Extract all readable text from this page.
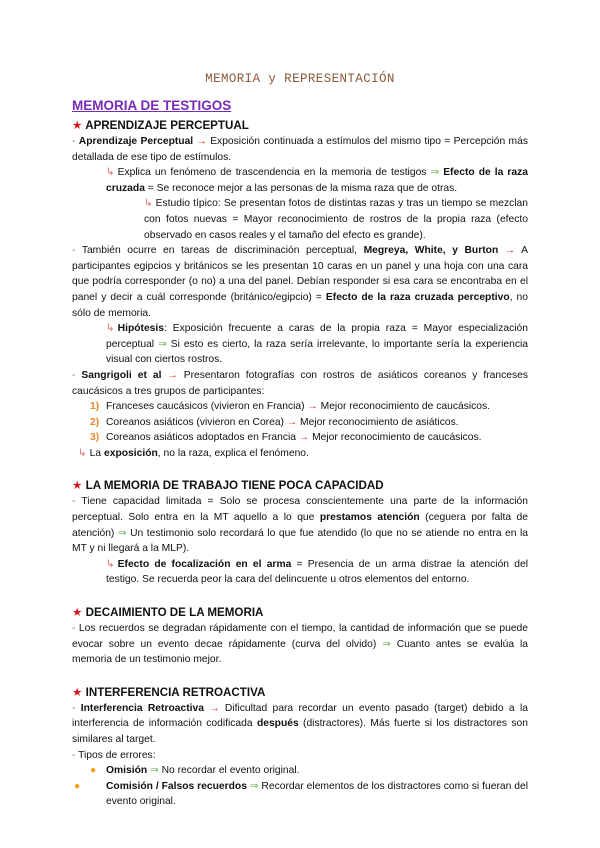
MEMORIA y REPRESENTACIÓN
MEMORIA DE TESTIGOS
★ APRENDIZAJE PERCEPTUAL

- Aprendizaje Perceptual → Exposición continuada a estímulos del mismo tipo = Percepción más detallada de ese tipo de estímulos.

↳ Explica un fenómeno de trascendencia en la memoria de testigos ⇒ Efecto de la raza cruzada = Se reconoce mejor a las personas de la misma raza que de otras.

↳ Estudio típico: Se presentan fotos de distintas razas y tras un tiempo se mezclan con fotos nuevas = Mayor reconocimiento de rostros de la propia raza (efecto observado en casos reales y el tamaño del efecto es grande).

- También ocurre en tareas de discriminación perceptual, Megreya, White, y Burton → A participantes egipcios y británicos se les presentan 10 caras en un panel y una hoja con una cara que podría corresponder (o no) a una del panel. Debían responder si esa cara se encontraba en el panel y decir a cuál corresponde (británico/egipcio) = Efecto de la raza cruzada perceptivo, no sólo de memoria.

↳ Hipótesis: Exposición frecuente a caras de la propia raza = Mayor especialización perceptual ⇒ Si esto es cierto, la raza sería irrelevante, lo importante sería la experiencia visual con ciertos rostros.

- Sangrigoli et al → Presentaron fotografías con rostros de asiáticos coreanos y franceses caucásicos a tres grupos de participantes:

1) Franceses caucásicos (vivieron en Francia) → Mejor reconocimiento de caucásicos.
2) Coreanos asiáticos (vivieron en Corea) → Mejor reconocimiento de asiáticos.
3) Coreanos asiáticos adoptados en Francia → Mejor reconocimiento de caucásicos.

↳ La exposición, no la raza, explica el fenómeno.

★ LA MEMORIA DE TRABAJO TIENE POCA CAPACIDAD

- Tiene capacidad limitada = Solo se procesa conscientemente una parte de la información perceptual. Solo entra en la MT aquello a lo que prestamos atención (ceguera por falta de atención) ⇒ Un testimonio solo recordará lo que fue atendido (lo que no se atiende no entra en la MT y ni llegará a la MLP).

↳ Efecto de focalización en el arma = Presencia de un arma distrae la atención del testigo. Se recuerda peor la cara del delincuente u otros elementos del entorno.

★ DECAIMIENTO DE LA MEMORIA

- Los recuerdos se degradan rápidamente con el tiempo, la cantidad de información que se puede evocar sobre un evento decae rápidamente (curva del olvido) ⇒ Cuanto antes se evalúa la memoria de un testimonio mejor.

★ INTERFERENCIA RETROACTIVA

- Interferencia Retroactiva → Dificultad para recordar un evento pasado (target) debido a la interferencia de información codificada después (distractores). Más fuerte si los distractores son similares al target.

- Tipos de errores:

● Omisión ⇒ No recordar el evento original.

●	Comisión / Falsos recuerdos ⇒ Recordar elementos de los distractores como si fueran del evento original.
